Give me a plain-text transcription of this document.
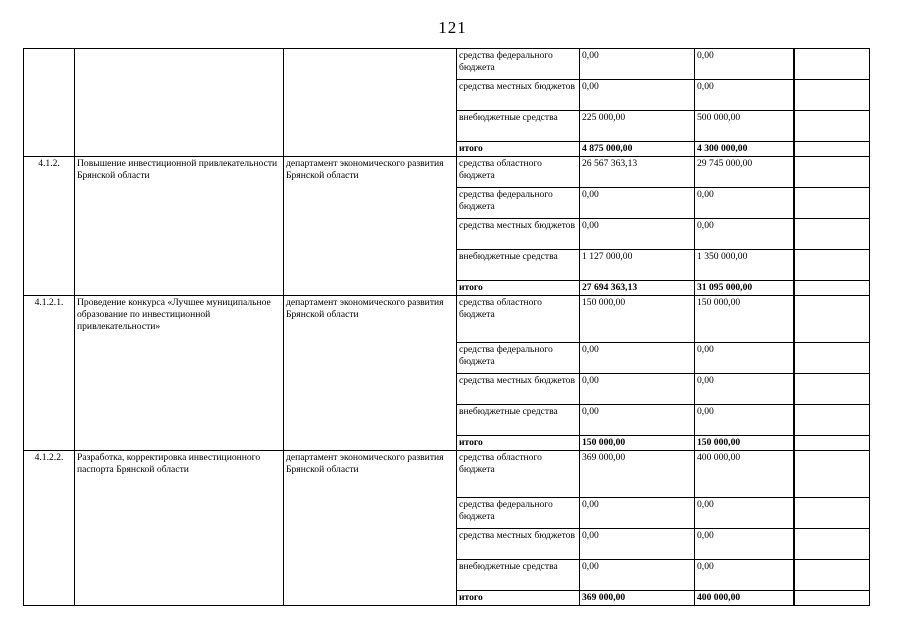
121
			средства федерального бюджета	0,00	0,00	
			средства местных бюджетов	0,00	0,00	
			внебюджетные средства	225 000,00	500 000,00	
			итого	4 875 000,00	4 300 000,00	
4.1.2.	Повышение инвестиционной привлекательности Брянской области	департамент экономического развития Брянской области	средства областного бюджета	26 567 363,13	29 745 000,00	
			средства федерального бюджета	0,00	0,00	
			средства местных бюджетов	0,00	0,00	
			внебюджетные средства	1 127 000,00	1 350 000,00	
			итого	27 694 363,13	31 095 000,00	
4.1.2.1.	Проведение конкурса «Лучшее муниципальное образование по инвестиционной привлекательности»	департамент экономического развития Брянской области	средства областного бюджета	150 000,00	150 000,00	
			средства федерального бюджета	0,00	0,00	
			средства местных бюджетов	0,00	0,00	
			внебюджетные средства	0,00	0,00	
			итого	150 000,00	150 000,00	
4.1.2.2.	Разработка, корректировка инвестиционного паспорта Брянской области	департамент экономического развития Брянской области	средства областного бюджета	369 000,00	400 000,00	
			средства федерального бюджета	0,00	0,00	
			средства местных бюджетов	0,00	0,00	
			внебюджетные средства	0,00	0,00	
			итого	369 000,00	400 000,00	
